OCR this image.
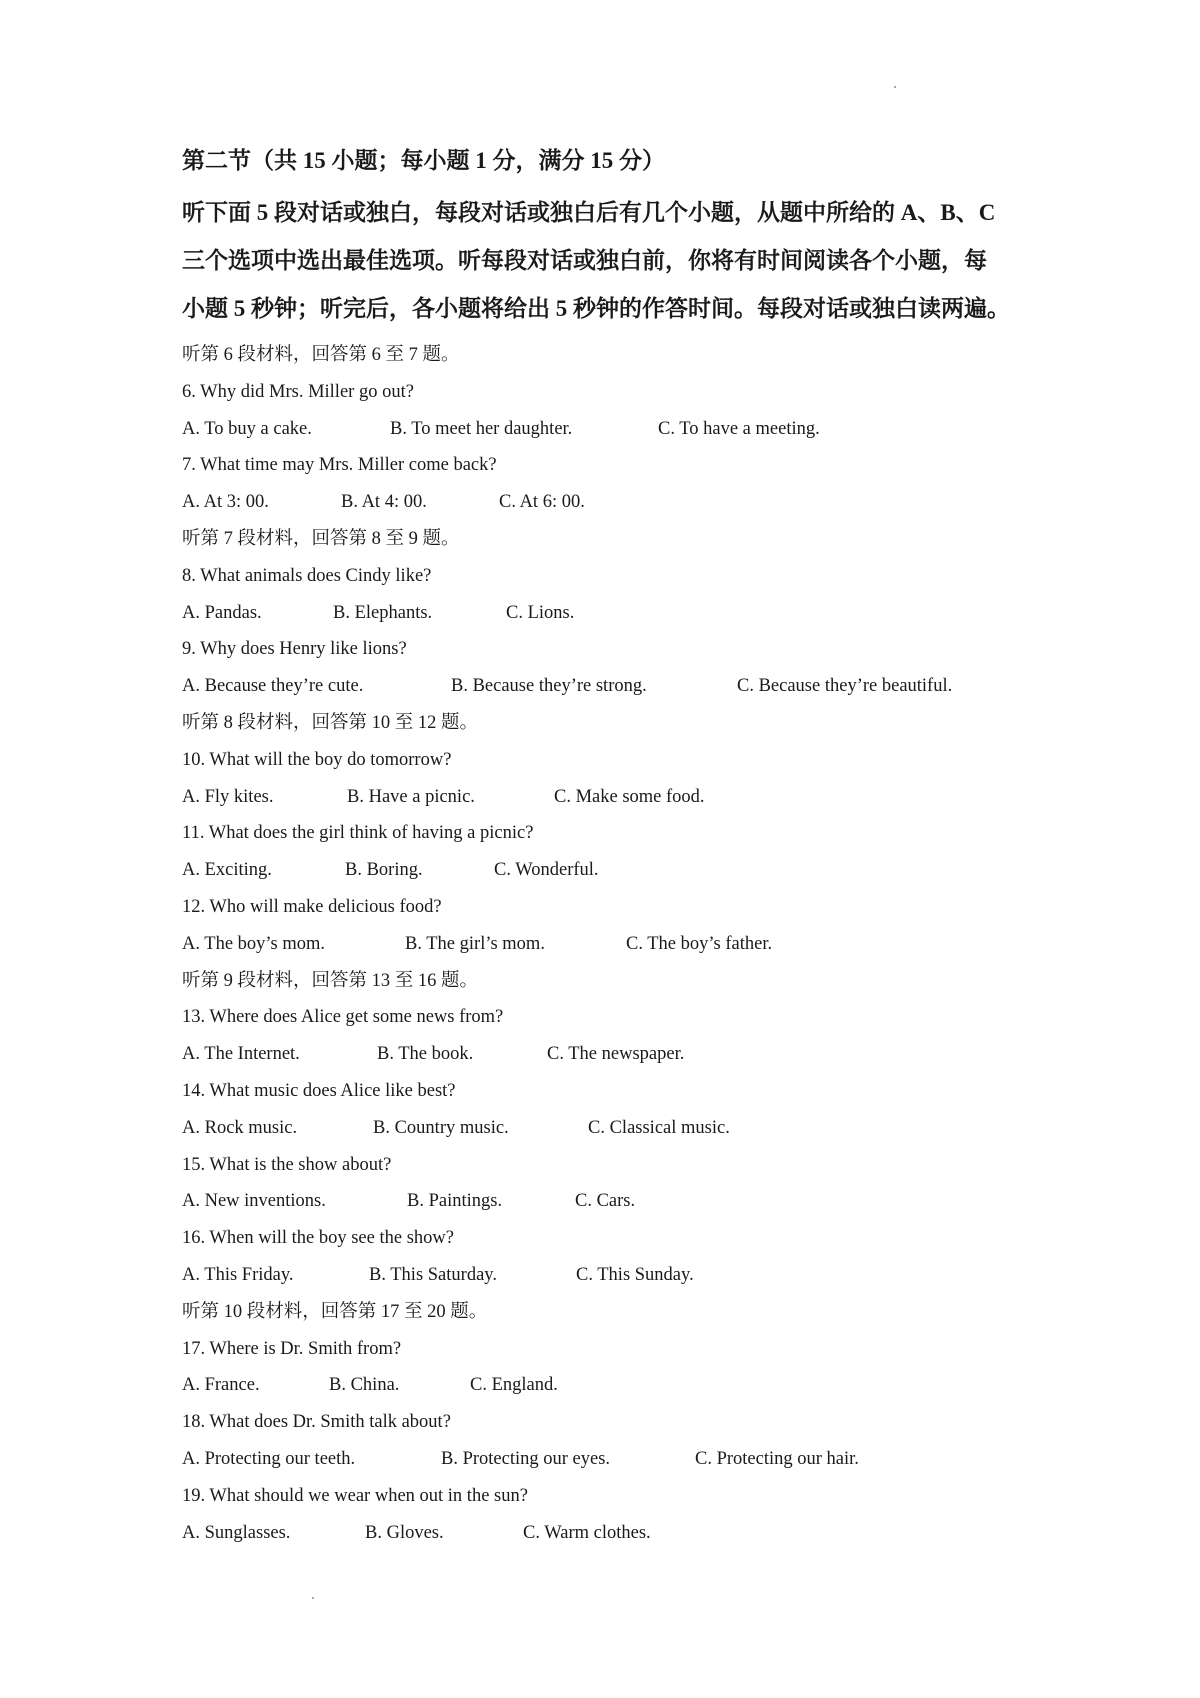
第二节（共 15 小题；每小题 1 分，满分 15 分）
听下面 5 段对话或独白，每段对话或独白后有几个小题，从题中所给的 A、B、C
三个选项中选出最佳选项。听每段对话或独白前，你将有时间阅读各个小题，每
小题 5 秒钟；听完后，各小题将给出 5 秒钟的作答时间。每段对话或独白读两遍。
听第 6 段材料，回答第 6 至 7 题。
6. Why did Mrs. Miller go out?
A. To buy a cake.	B. To meet her daughter.	C. To have a meeting.
7. What time may Mrs. Miller come back?
A. At 3: 00.	B. At 4: 00.	C. At 6: 00.
听第 7 段材料，回答第 8 至 9 题。
8. What animals does Cindy like?
A. Pandas.	B. Elephants.	C. Lions.
9. Why does Henry like lions?
A. Because they’re cute.	B. Because they’re strong.	C. Because they’re beautiful.
听第 8 段材料，回答第 10 至 12 题。
10. What will the boy do tomorrow?
A. Fly kites.	B. Have a picnic.	C. Make some food.
11. What does the girl think of having a picnic?
A. Exciting.	B. Boring.	C. Wonderful.
12. Who will make delicious food?
A. The boy’s mom.	B. The girl’s mom.	C. The boy’s father.
听第 9 段材料，回答第 13 至 16 题。
13. Where does Alice get some news from?
A. The Internet.	B. The book.	C. The newspaper.
14. What music does Alice like best?
A. Rock music.	B. Country music.	C. Classical music.
15. What is the show about?
A. New inventions.	B. Paintings.	C. Cars.
16. When will the boy see the show?
A. This Friday.	B. This Saturday.	C. This Sunday.
听第 10 段材料，回答第 17 至 20 题。
17. Where is Dr. Smith from?
A. France.	B. China.	C. England.
18. What does Dr. Smith talk about?
A. Protecting our teeth.	B. Protecting our eyes.	C. Protecting our hair.
19. What should we wear when out in the sun?
A. Sunglasses.	B. Gloves.	C. Warm clothes.
